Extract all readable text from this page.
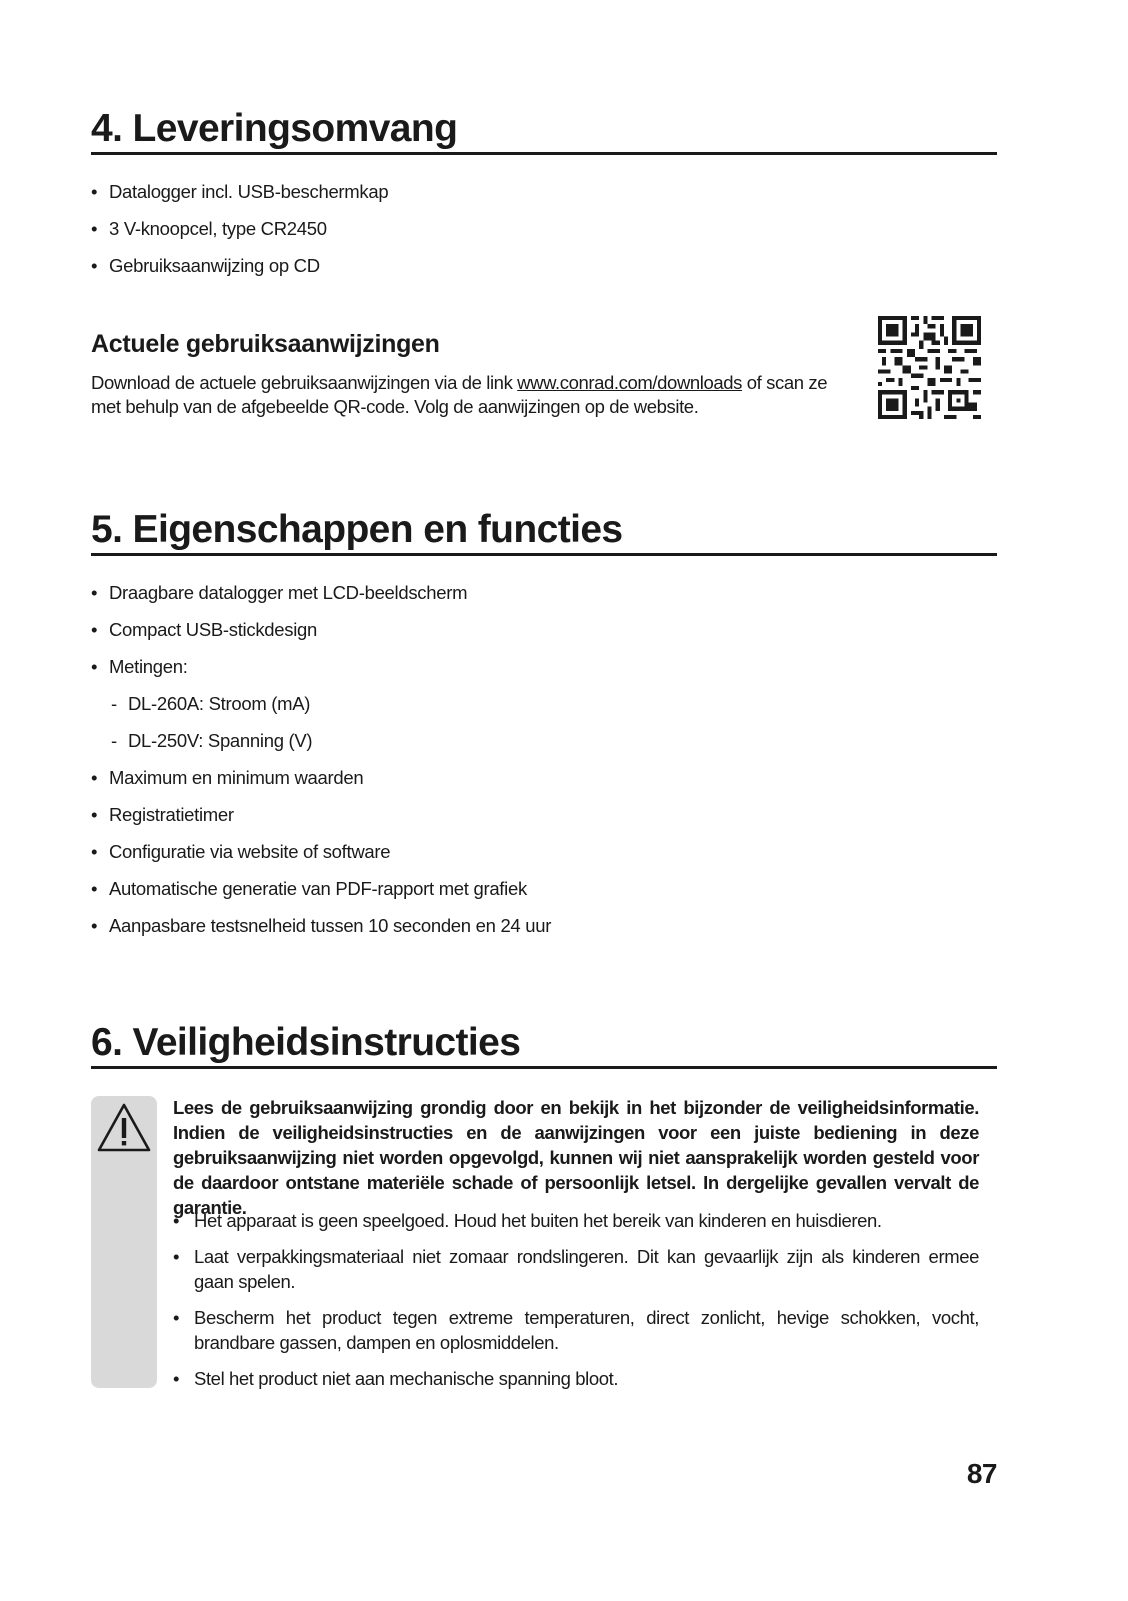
4. Leveringsomvang
• Datalogger incl. USB-beschermkap
• 3 V-knoopcel, type CR2450
• Gebruiksaanwijzing op CD
Actuele gebruiksaanwijzingen
Download de actuele gebruiksaanwijzingen via de link www.conrad.com/downloads of scan ze met behulp van de afgebeelde QR-code. Volg de aanwijzingen op de website.
5. Eigenschappen en functies
• Draagbare datalogger met LCD-beeldscherm
• Compact USB-stickdesign
• Metingen:
- DL-260A: Stroom (mA)
- DL-250V: Spanning (V)
• Maximum en minimum waarden
• Registratietimer
• Configuratie via website of software
• Automatische generatie van PDF-rapport met grafiek
• Aanpasbare testsnelheid tussen 10 seconden en 24 uur
6. Veiligheidsinstructies
Lees de gebruiksaanwijzing grondig door en bekijk in het bijzonder de veiligheidsinformatie. Indien de veiligheidsinstructies en de aanwijzingen voor een juiste bediening in deze gebruiksaanwijzing niet worden opgevolgd, kunnen wij niet aansprakelijk worden gesteld voor de daardoor ontstane materiële schade of persoonlijk letsel. In dergelijke gevallen vervalt de garantie.
• Het apparaat is geen speelgoed. Houd het buiten het bereik van kinderen en huisdieren.
• Laat verpakkingsmateriaal niet zomaar rondslingeren. Dit kan gevaarlijk zijn als kinderen ermee gaan spelen.
• Bescherm het product tegen extreme temperaturen, direct zonlicht, hevige schokken, vocht, brandbare gassen, dampen en oplosmiddelen.
• Stel het product niet aan mechanische spanning bloot.
87
